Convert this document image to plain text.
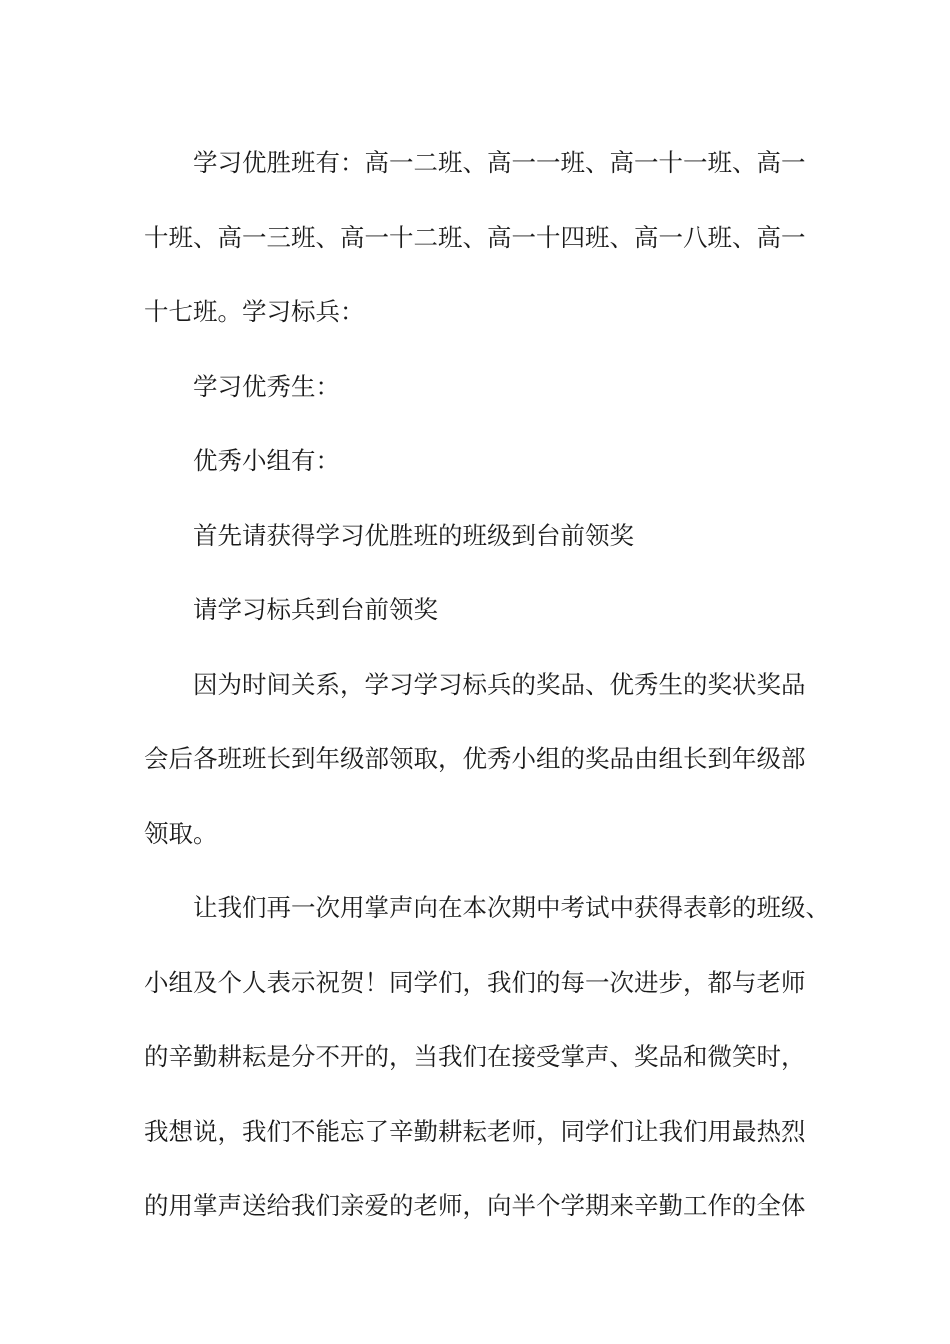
学习优胜班有：高一二班、高一一班、高一十一班、高一
十班、高一三班、高一十二班、高一十四班、高一八班、高一
十七班。学习标兵：

学习优秀生：

优秀小组有：

首先请获得学习优胜班的班级到台前领奖

请学习标兵到台前领奖

因为时间关系，学习学习标兵的奖品、优秀生的奖状奖品
会后各班班长到年级部领取，优秀小组的奖品由组长到年级部
领取。

让我们再一次用掌声向在本次期中考试中获得表彰的班级、
小组及个人表示祝贺！同学们，我们的每一次进步，都与老师
的辛勤耕耘是分不开的，当我们在接受掌声、奖品和微笑时，
我想说，我们不能忘了辛勤耕耘老师，同学们让我们用最热烈
的用掌声送给我们亲爱的老师，向半个学期来辛勤工作的全体
